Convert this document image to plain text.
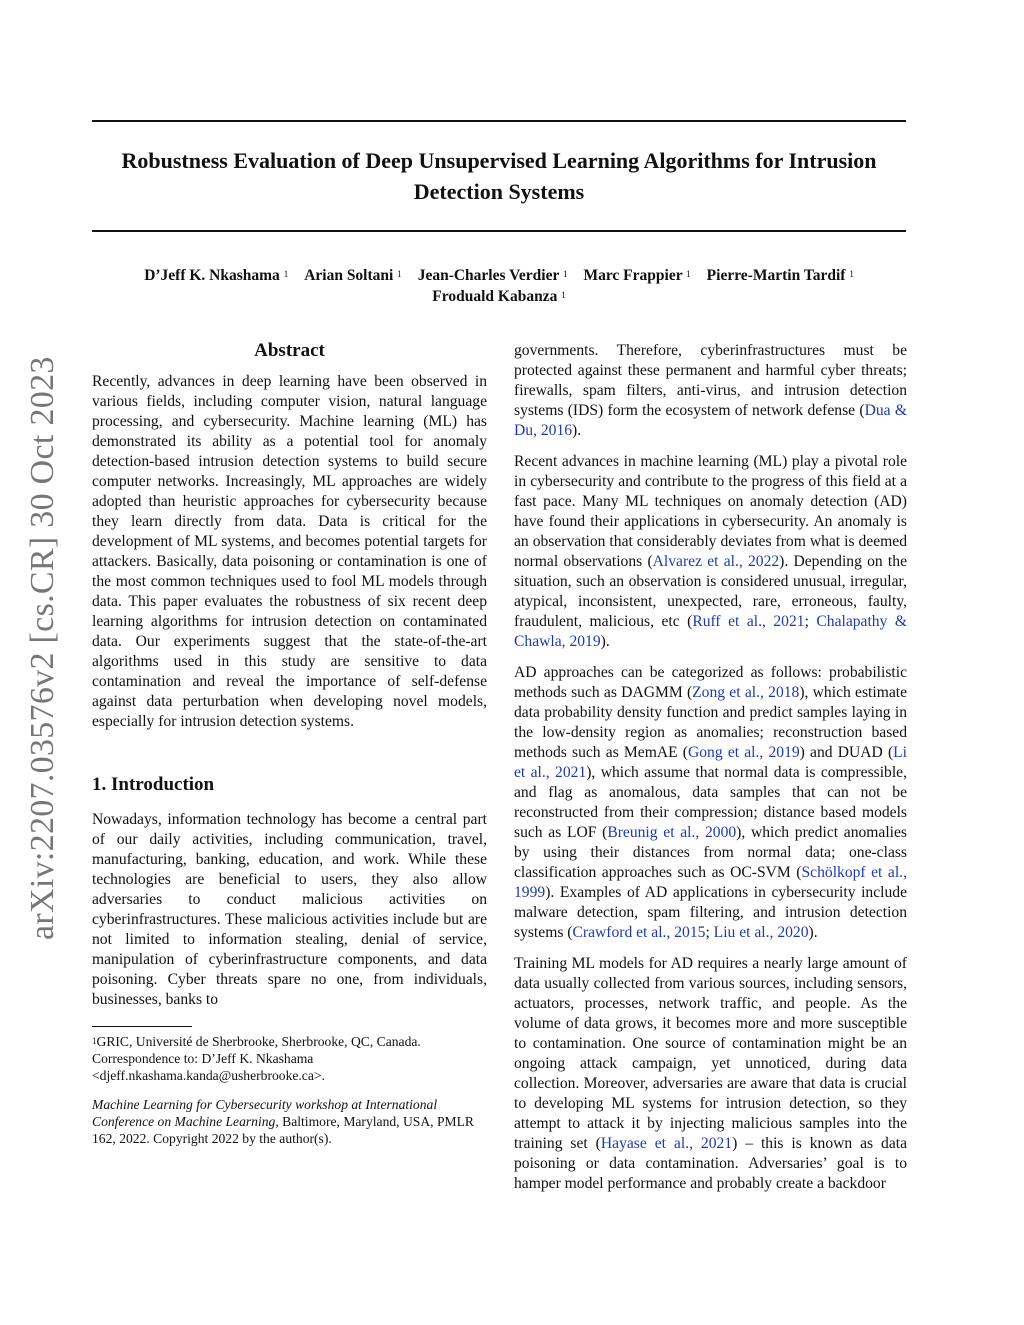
Robustness Evaluation of Deep Unsupervised Learning Algorithms for Intrusion
Detection Systems
D’Jeff K. Nkashama $^1$ Arian Soltani $^1$ Jean-Charles Verdier $^1$ Marc Frappier $^1$ Pierre-Martin Tardif $^1$
Froduald Kabanza $^1$
arXiv:2207.03576v2 [cs.CR] 30 Oct 2023
Abstract

Recently, advances in deep learning have been observed in various fields, including computer vision, natural language processing, and cybersecurity. Machine learning (ML) has demonstrated its ability as a potential tool for anomaly detection-based intrusion detection systems to build secure computer networks. Increasingly, ML approaches are widely adopted than heuristic approaches for cybersecurity because they learn directly from data. Data is critical for the development of ML systems, and becomes potential targets for attackers. Basically, data poisoning or contamination is one of the most common techniques used to fool ML models through data. This paper evaluates the robustness of six recent deep learning algorithms for intrusion detection on contaminated data. Our experiments suggest that the state-of-the-art algorithms used in this study are sensitive to data contamination and reveal the importance of self-defense against data perturbation when developing novel models, especially for intrusion detection systems.

1. Introduction

Nowadays, information technology has become a central part of our daily activities, including communication, travel, manufacturing, banking, education, and work. While these technologies are beneficial to users, they also allow adversaries to conduct malicious activities on cyberinfrastructures. These malicious activities include but are not limited to information stealing, denial of service, manipulation of cyberinfrastructure components, and data poisoning. Cyber threats spare no one, from individuals, businesses, banks to

$^1$GRIC, Université de Sherbrooke, Sherbrooke, QC, Canada.
Correspondence to: D’Jeff K. Nkashama
<djeff.nkashama.kanda@usherbrooke.ca>.
Machine Learning for Cybersecurity workshop at International Conference on Machine Learning, Baltimore, Maryland, USA, PMLR 162, 2022. Copyright 2022 by the author(s).

governments. Therefore, cyberinfrastructures must be protected against these permanent and harmful cyber threats; firewalls, spam filters, anti-virus, and intrusion detection systems (IDS) form the ecosystem of network defense (Dua & Du, 2016).

Recent advances in machine learning (ML) play a pivotal role in cybersecurity and contribute to the progress of this field at a fast pace. Many ML techniques on anomaly detection (AD) have found their applications in cybersecurity. An anomaly is an observation that considerably deviates from what is deemed normal observations (Alvarez et al., 2022). Depending on the situation, such an observation is considered unusual, irregular, atypical, inconsistent, unexpected, rare, erroneous, faulty, fraudulent, malicious, etc (Ruff et al., 2021; Chalapathy & Chawla, 2019).

AD approaches can be categorized as follows: probabilistic methods such as DAGMM (Zong et al., 2018), which estimate data probability density function and predict samples laying in the low-density region as anomalies; reconstruction based methods such as MemAE (Gong et al., 2019) and DUAD (Li et al., 2021), which assume that normal data is compressible, and flag as anomalous, data samples that can not be reconstructed from their compression; distance based models such as LOF (Breunig et al., 2000), which predict anomalies by using their distances from normal data; one-class classification approaches such as OC-SVM (Schölkopf et al., 1999). Examples of AD applications in cybersecurity include malware detection, spam filtering, and intrusion detection systems (Crawford et al., 2015; Liu et al., 2020).

Training ML models for AD requires a nearly large amount of data usually collected from various sources, including sensors, actuators, processes, network traffic, and people. As the volume of data grows, it becomes more and more susceptible to contamination. One source of contamination might be an ongoing attack campaign, yet unnoticed, during data collection. Moreover, adversaries are aware that data is crucial to developing ML systems for intrusion detection, so they attempt to attack it by injecting malicious samples into the training set (Hayase et al., 2021) – this is known as data poisoning or data contamination. Adversaries’ goal is to hamper model performance and probably create a backdoor
